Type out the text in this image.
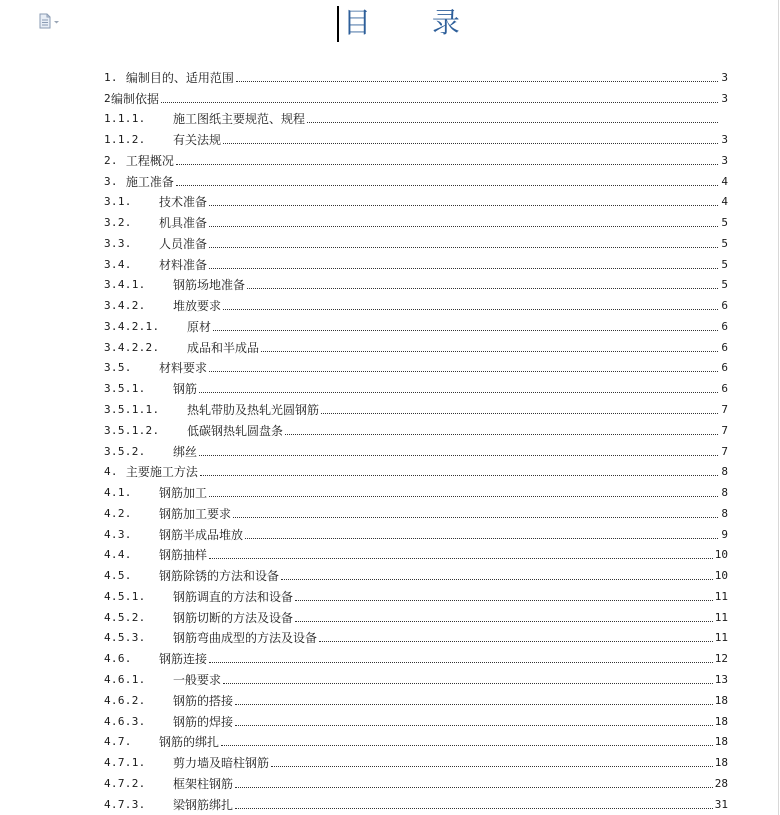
目 录
1. 编制目的、适用范围	3
2 编制依据	3
1.1.1.	施工图纸主要规范、规程
1.1.2.	有关法规	3
2. 工程概况	3
3. 施工准备	4
3.1.	技术准备	4
3.2.	机具准备	5
3.3.	人员准备	5
3.4.	材料准备	5
3.4.1.	钢筋场地准备	5
3.4.2.	堆放要求	6
3.4.2.1.	原材	6
3.4.2.2.	成品和半成品	6
3.5.	材料要求	6
3.5.1.	钢筋	6
3.5.1.1.	热轧带肋及热轧光圆钢筋	7
3.5.1.2.	低碳钢热轧圆盘条	7
3.5.2.	绑丝	7
4. 主要施工方法	8
4.1.	钢筋加工	8
4.2.	钢筋加工要求	8
4.3.	钢筋半成品堆放	9
4.4.	钢筋抽样	10
4.5.	钢筋除锈的方法和设备	10
4.5.1.	钢筋调直的方法和设备	11
4.5.2.	钢筋切断的方法及设备	11
4.5.3.	钢筋弯曲成型的方法及设备	11
4.6.	钢筋连接	12
4.6.1.	一般要求	13
4.6.2.	钢筋的搭接	18
4.6.3.	钢筋的焊接	18
4.7.	钢筋的绑扎	18
4.7.1.	剪力墙及暗柱钢筋	18
4.7.2.	框架柱钢筋	28
4.7.3.	梁钢筋绑扎	31
